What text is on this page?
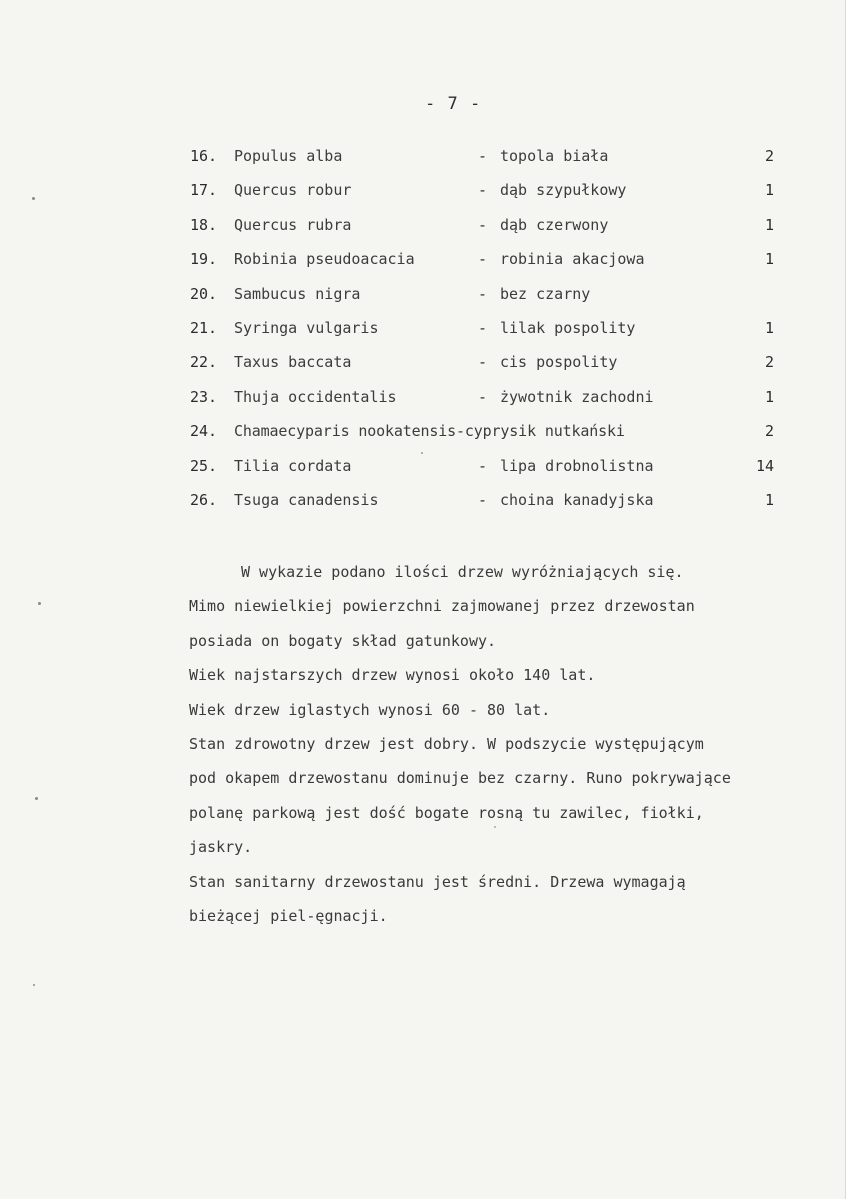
- 7 -
16.	Populus alba	- topola biała	2
17.	Quercus robur	- dąb szypułkowy	1
18.	Quercus rubra	- dąb czerwony	1
19.	Robinia pseudoacacia	- robinia akacjowa	1
20.	Sambucus nigra	- bez czarny
21.	Syringa vulgaris	- lilak pospolity	1
22.	Taxus baccata	- cis pospolity	2
23.	Thuja occidentalis	- żywotnik zachodni	1
24.	Chamaecyparis nookatensis-cyprysik nutkański	2
25.	Tilia cordata	- lipa drobnolistna	14
26.	Tsuga canadensis	- choina kanadyjska	1
W wykazie podano ilości drzew wyróżniających się.
Mimo niewielkiej powierzchni zajmowanej przez drzewostan
posiada on bogaty skład gatunkowy.
Wiek najstarszych drzew wynosi około 140 lat.
Wiek drzew iglastych wynosi 60 - 80 lat.
Stan zdrowotny drzew jest dobry. W podszycie występującym
pod okapem drzewostanu dominuje bez czarny. Runo pokrywające
polanę parkową jest dość bogate rosną tu zawilec, fiołki,
jaskry.
Stan sanitarny drzewostanu jest średni. Drzewa wymagają
bieżącej piel-ęgnacji.
